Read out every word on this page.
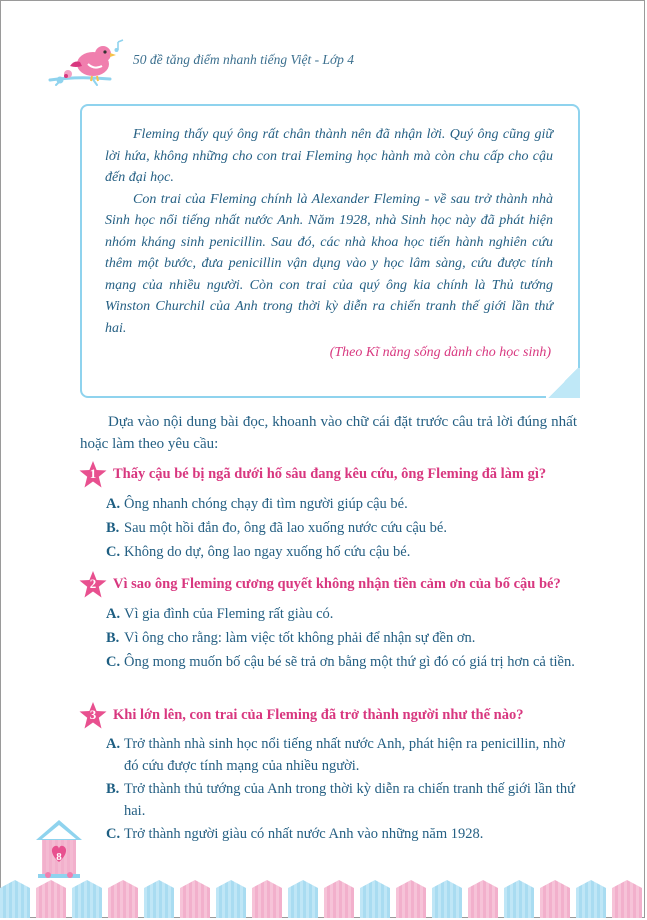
50 đề tăng điểm nhanh tiếng Việt - Lớp 4

Fleming thấy quý ông rất chân thành nên đã nhận lời. Quý ông cũng giữ lời hứa, không những cho con trai Fleming học hành mà còn chu cấp cho cậu đến đại học.

Con trai của Fleming chính là Alexander Fleming - về sau trở thành nhà Sinh học nổi tiếng nhất nước Anh. Năm 1928, nhà Sinh học này đã phát hiện nhóm kháng sinh penicillin. Sau đó, các nhà khoa học tiến hành nghiên cứu thêm một bước, đưa penicillin vận dụng vào y học lâm sàng, cứu được tính mạng của nhiều người. Còn con trai của quý ông kia chính là Thủ tướng Winston Churchil của Anh trong thời kỳ diễn ra chiến tranh thế giới lần thứ hai.

(Theo Kĩ năng sống dành cho học sinh)
Dựa vào nội dung bài đọc, khoanh vào chữ cái đặt trước câu trả lời đúng nhất hoặc làm theo yêu cầu:
1	Thấy cậu bé bị ngã dưới hố sâu đang kêu cứu, ông Fleming đã làm gì?
A. Ông nhanh chóng chạy đi tìm người giúp cậu bé.
B. Sau một hồi đắn đo, ông đã lao xuống nước cứu cậu bé.
C. Không do dự, ông lao ngay xuống hố cứu cậu bé.
2	Vì sao ông Fleming cương quyết không nhận tiền cảm ơn của bố cậu bé?
A. Vì gia đình của Fleming rất giàu có.
B. Vì ông cho rằng: làm việc tốt không phải để nhận sự đền ơn.
C. Ông mong muốn bố cậu bé sẽ trả ơn bằng một thứ gì đó có giá trị hơn cả tiền.
3	Khi lớn lên, con trai của Fleming đã trở thành người như thế nào?
A. Trở thành nhà sinh học nổi tiếng nhất nước Anh, phát hiện ra penicillin, nhờ đó cứu được tính mạng của nhiều người.
B. Trở thành thủ tướng của Anh trong thời kỳ diễn ra chiến tranh thế giới lần thứ hai.
C. Trở thành người giàu có nhất nước Anh vào những năm 1928.
8
